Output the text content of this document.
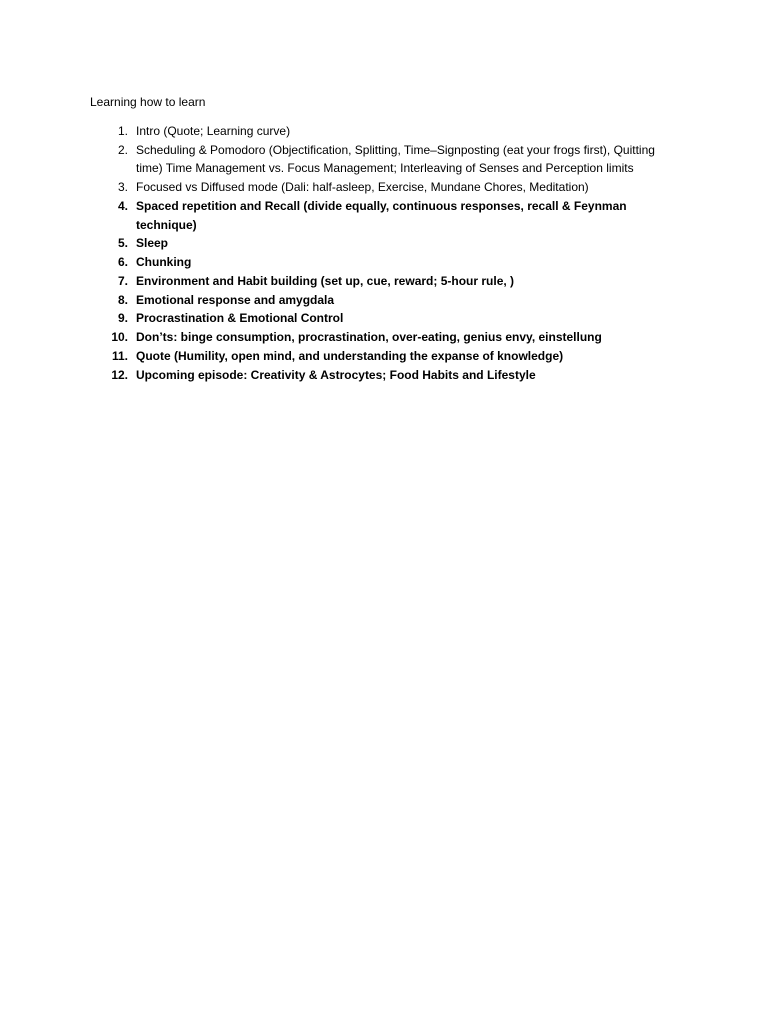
Learning how to learn
1. Intro (Quote; Learning curve)
2. Scheduling & Pomodoro (Objectification, Splitting, Time–Signposting (eat your frogs first), Quitting time) Time Management vs. Focus Management; Interleaving of Senses and Perception limits
3. Focused vs Diffused mode (Dali: half-asleep, Exercise, Mundane Chores, Meditation)
4. Spaced repetition and Recall (divide equally, continuous responses, recall & Feynman technique)
5. Sleep
6. Chunking
7. Environment and Habit building (set up, cue, reward; 5-hour rule, )
8. Emotional response and amygdala
9. Procrastination & Emotional Control
10. Don’ts: binge consumption, procrastination, over-eating, genius envy, einstellung
11. Quote (Humility, open mind, and understanding the expanse of knowledge)
12. Upcoming episode: Creativity & Astrocytes; Food Habits and Lifestyle
